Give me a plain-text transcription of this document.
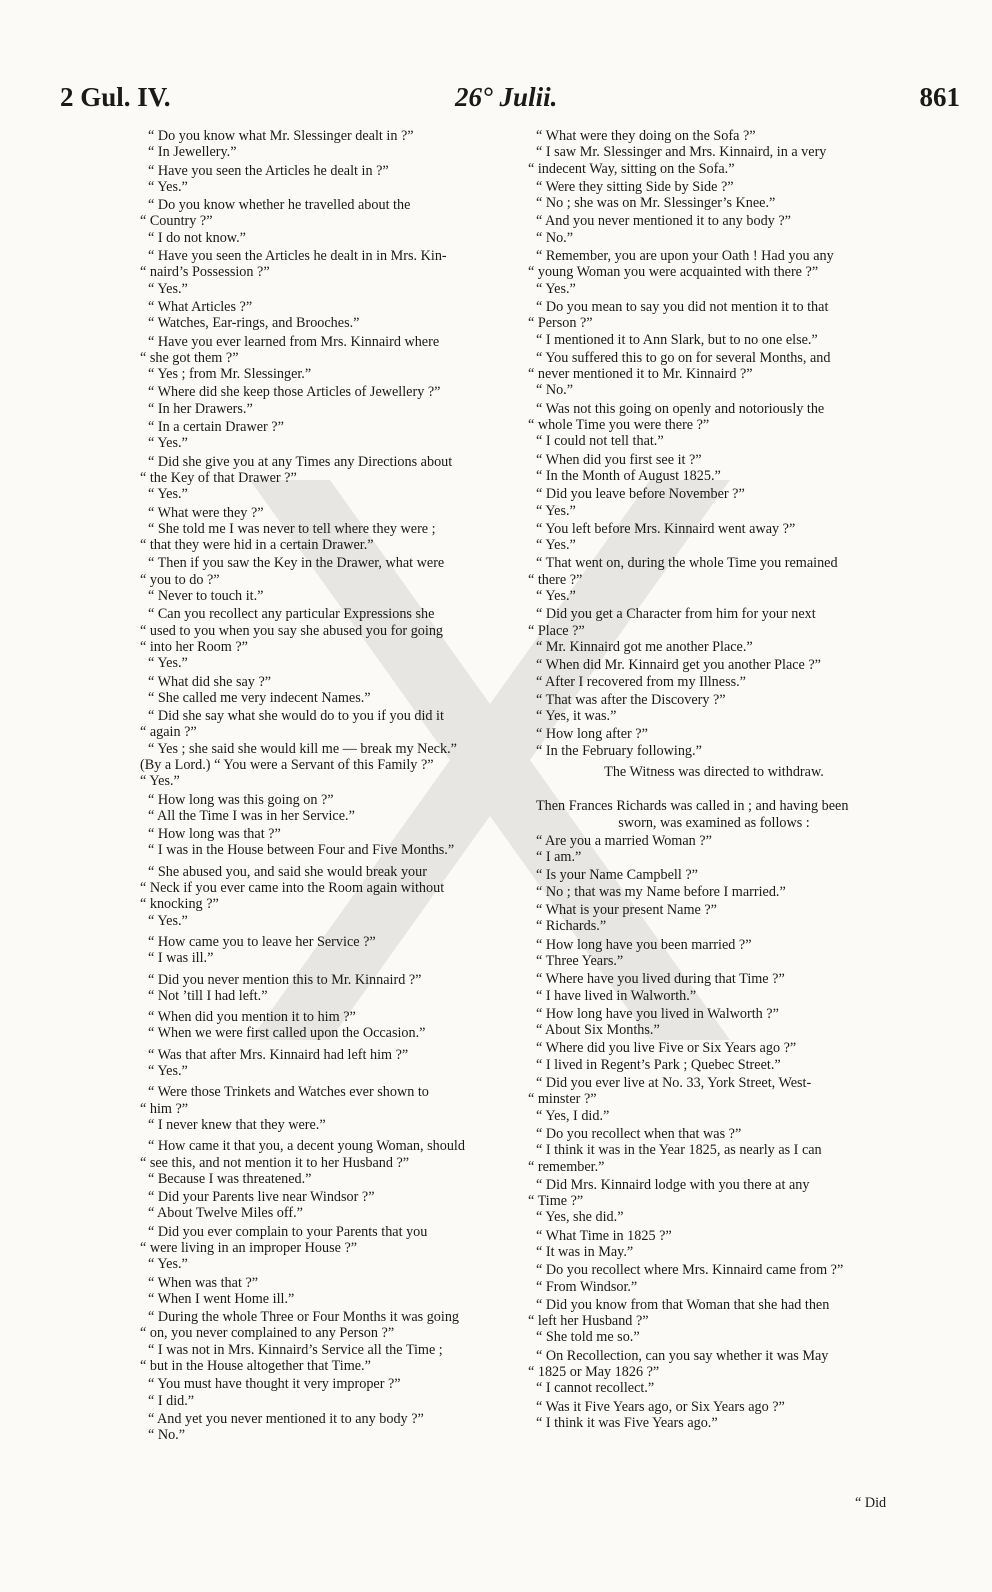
2 Gul. IV.	26° Julii.	861

“ Do you know what Mr. Slessinger dealt in ?”

“ In Jewellery.”

“ Have you seen the Articles he dealt in ?”

“ Yes.”

“ Do you know whether he travelled about the

“ Country ?”

“ I do not know.”

“ Have you seen the Articles he dealt in in Mrs. Kin-

“ naird’s Possession ?”

“ Yes.”

“ What Articles ?”

“ Watches, Ear-rings, and Brooches.”

“ Have you ever learned from Mrs. Kinnaird where

“ she got them ?”

“ Yes ; from Mr. Slessinger.”

“ Where did she keep those Articles of Jewellery ?”

“ In her Drawers.”

“ In a certain Drawer ?”

“ Yes.”

“ Did she give you at any Times any Directions about

“ the Key of that Drawer ?”

“ Yes.”

“ What were they ?”

“ She told me I was never to tell where they were ;

“ that they were hid in a certain Drawer.”

“ Then if you saw the Key in the Drawer, what were

“ you to do ?”

“ Never to touch it.”

“ Can you recollect any particular Expressions she

“ used to you when you say she abused you for going

“ into her Room ?”

“ Yes.”

“ What did she say ?”

“ She called me very indecent Names.”

“ Did she say what she would do to you if you did it

“ again ?”

“ Yes ; she said she would kill me — break my Neck.”

(By a Lord.) “ You were a Servant of this Family ?”

“ Yes.”

“ How long was this going on ?”

“ All the Time I was in her Service.”

“ How long was that ?”

“ I was in the House between Four and Five Months.”

“ She abused you, and said she would break your

“ Neck if you ever came into the Room again without

“ knocking ?”

“ Yes.”

“ How came you to leave her Service ?”

“ I was ill.”

“ Did you never mention this to Mr. Kinnaird ?”

“ Not ’till I had left.”

“ When did you mention it to him ?”

“ When we were first called upon the Occasion.”

“ Was that after Mrs. Kinnaird had left him ?”

“ Yes.”

“ Were those Trinkets and Watches ever shown to

“ him ?”

“ I never knew that they were.”

“ How came it that you, a decent young Woman, should

“ see this, and not mention it to her Husband ?”

“ Because I was threatened.”

“ Did your Parents live near Windsor ?”

“ About Twelve Miles off.”

“ Did you ever complain to your Parents that you

“ were living in an improper House ?”

“ Yes.”

“ When was that ?”

“ When I went Home ill.”

“ During the whole Three or Four Months it was going

“ on, you never complained to any Person ?”

“ I was not in Mrs. Kinnaird’s Service all the Time ;

“ but in the House altogether that Time.”

“ You must have thought it very improper ?”

“ I did.”

“ And yet you never mentioned it to any body ?”

“ No.”

“ What were they doing on the Sofa ?”

“ I saw Mr. Slessinger and Mrs. Kinnaird, in a very

“ indecent Way, sitting on the Sofa.”

“ Were they sitting Side by Side ?”

“ No ; she was on Mr. Slessinger’s Knee.”

“ And you never mentioned it to any body ?”

“ No.”

“ Remember, you are upon your Oath ! Had you any

“ young Woman you were acquainted with there ?”

“ Yes.”

“ Do you mean to say you did not mention it to that

“ Person ?”

“ I mentioned it to Ann Slark, but to no one else.”

“ You suffered this to go on for several Months, and

“ never mentioned it to Mr. Kinnaird ?”

“ No.”

“ Was not this going on openly and notoriously the

“ whole Time you were there ?”

“ I could not tell that.”

“ When did you first see it ?”

“ In the Month of August 1825.”

“ Did you leave before November ?”

“ Yes.”

“ You left before Mrs. Kinnaird went away ?”

“ Yes.”

“ That went on, during the whole Time you remained

“ there ?”

“ Yes.”

“ Did you get a Character from him for your next

“ Place ?”

“ Mr. Kinnaird got me another Place.”

“ When did Mr. Kinnaird get you another Place ?”

“ After I recovered from my Illness.”

“ That was after the Discovery ?”

“ Yes, it was.”

“ How long after ?”

“ In the February following.”

The Witness was directed to withdraw.

Then Frances Richards was called in ; and having been

sworn, was examined as follows :

“ Are you a married Woman ?”

“ I am.”

“ Is your Name Campbell ?”

“ No ; that was my Name before I married.”

“ What is your present Name ?”

“ Richards.”

“ How long have you been married ?”

“ Three Years.”

“ Where have you lived during that Time ?”

“ I have lived in Walworth.”

“ How long have you lived in Walworth ?”

“ About Six Months.”

“ Where did you live Five or Six Years ago ?”

“ I lived in Regent’s Park ; Quebec Street.”

“ Did you ever live at No. 33, York Street, West-

“ minster ?”

“ Yes, I did.”

“ Do you recollect when that was ?”

“ I think it was in the Year 1825, as nearly as I can

“ remember.”

“ Did Mrs. Kinnaird lodge with you there at any

“ Time ?”

“ Yes, she did.”

“ What Time in 1825 ?”

“ It was in May.”

“ Do you recollect where Mrs. Kinnaird came from ?”

“ From Windsor.”

“ Did you know from that Woman that she had then

“ left her Husband ?”

“ She told me so.”

“ On Recollection, can you say whether it was May

“ 1825 or May 1826 ?”

“ I cannot recollect.”

“ Was it Five Years ago, or Six Years ago ?”

“ I think it was Five Years ago.”

“ Did
